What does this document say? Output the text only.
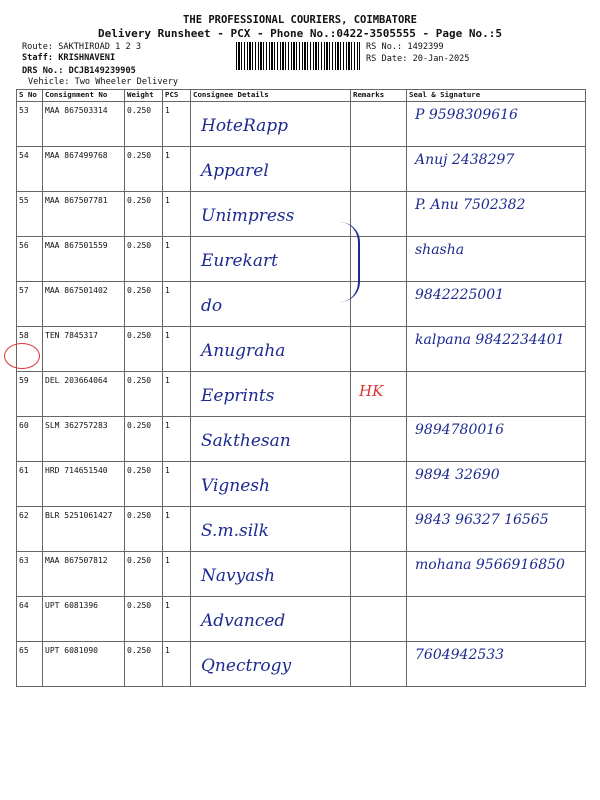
THE PROFESSIONAL COURIERS, COIMBATORE
Delivery Runsheet - PCX - Phone No.:0422-3505555 - Page No.:5
Route: SAKTHIROAD 1 2 3
Staff: KRISHNAVENI
DRS No.: DCJB149239905
Vehicle: Two Wheeler Delivery
RS No.: 1492399
RS Date: 20-Jan-2025
S No	Consignment No	Weight	PCS	Consignee Details	Remarks	Seal & Signature
53	MAA 867503314	0.250	1	HoteRapp		P 9598309616

54	MAA 867499768	0.250	1	Apparel		Anuj 2438297

55	MAA 867507781	0.250	1	Unimpress		P. Anu 7502382

56	MAA 867501559	0.250	1	Eurekart		shasha

57	MAA 867501402	0.250	1	do		9842225001

58	TEN 7845317	0.250	1	Anugraha		kalpana 9842234401

59	DEL 203664064	0.250	1	Eeprints	HK	

60	SLM 362757283	0.250	1	Sakthesan		9894780016

61	HRD 714651540	0.250	1	Vignesh		9894 32690

62	BLR 5251061427	0.250	1	S.m.silk		9843 96327 16565

63	MAA 867507812	0.250	1	Navyash		mohana 9566916850

64	UPT 6081396	0.250	1	Advanced		

65	UPT 6081090	0.250	1	Qnectrogy		7604942533
